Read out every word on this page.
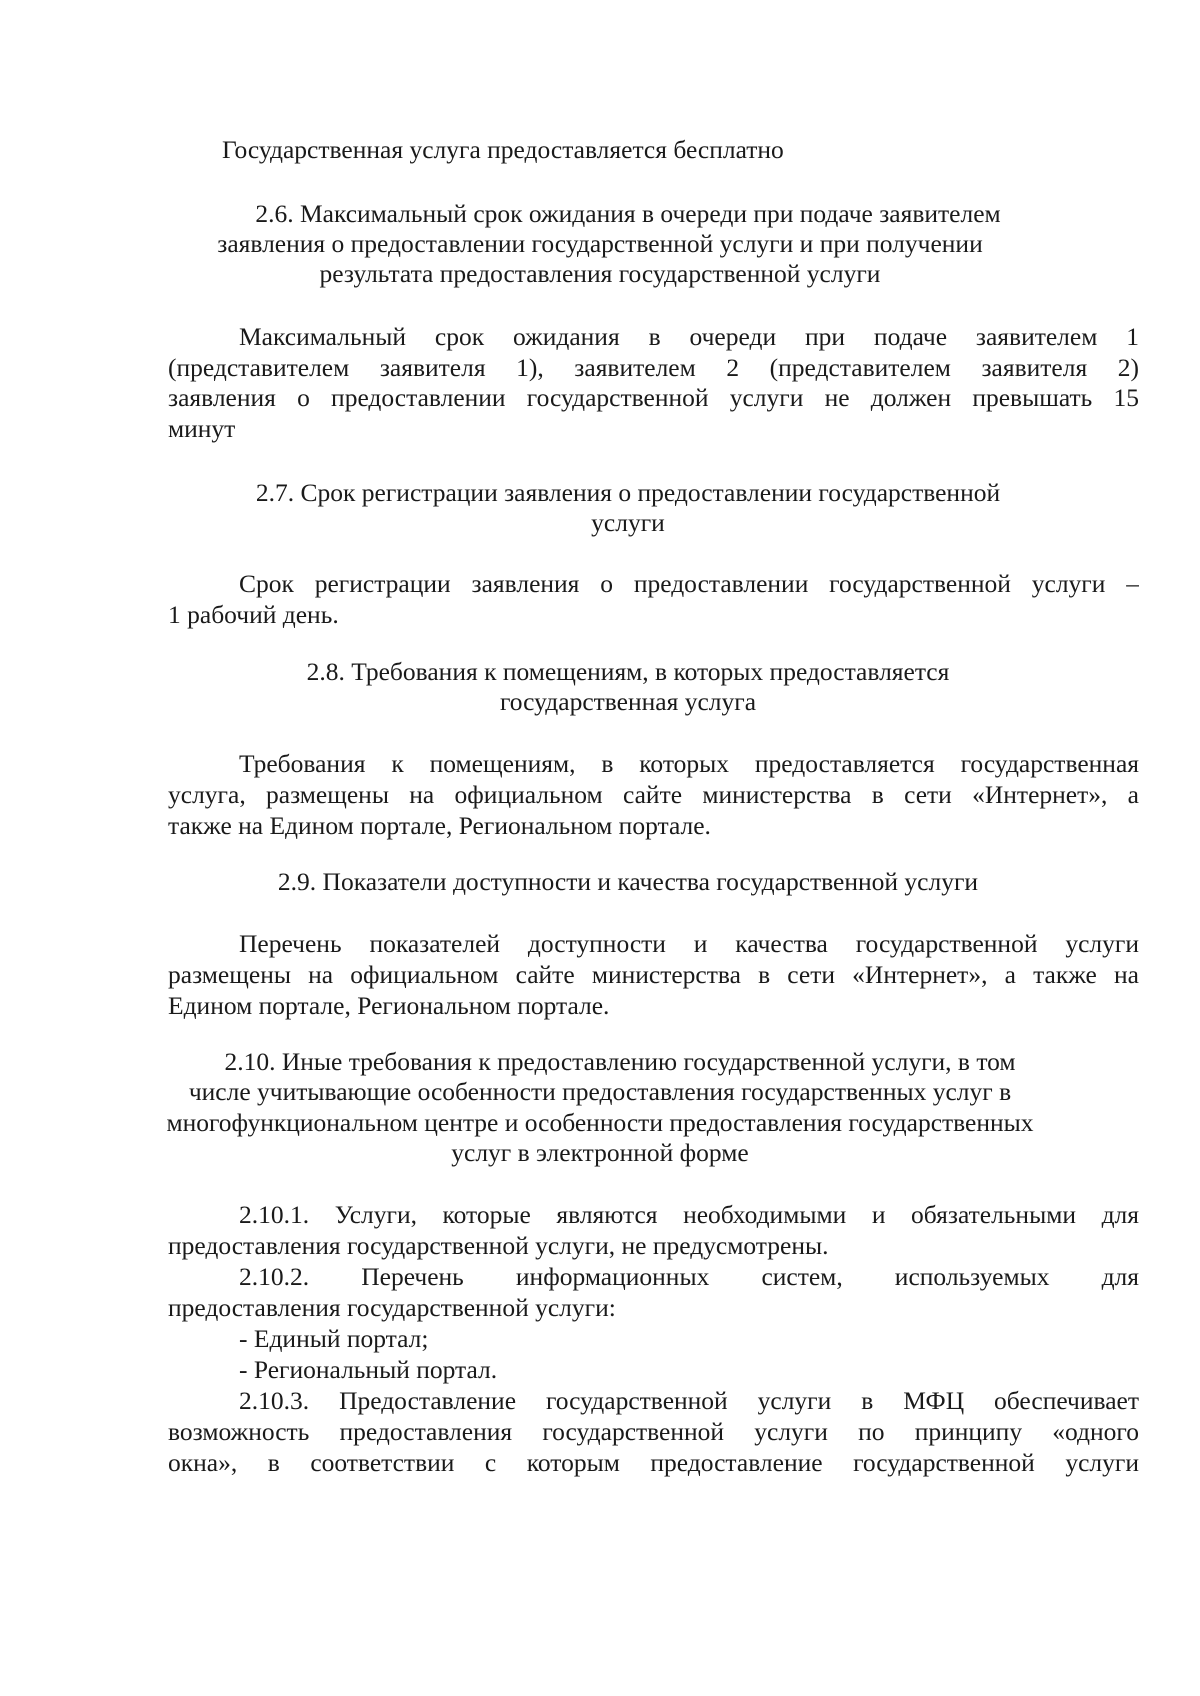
Государственная услуга предоставляется бесплатно
2.6. Максимальный срок ожидания в очереди при подаче заявителем
заявления о предоставлении государственной услуги и при получении
результата предоставления государственной услуги
Максимальный срок ожидания в очереди при подаче заявителем 1
(представителем заявителя 1), заявителем 2 (представителем заявителя 2)
заявления о предоставлении государственной услуги не должен превышать 15
минут
2.7. Срок регистрации заявления о предоставлении государственной
услуги
Срок регистрации заявления о предоставлении государственной услуги –
1 рабочий день.
2.8. Требования к помещениям, в которых предоставляется
государственная услуга
Требования к помещениям, в которых предоставляется государственная
услуга, размещены на официальном сайте министерства в сети «Интернет», а
также на Едином портале, Региональном портале.
2.9. Показатели доступности и качества государственной услуги
Перечень показателей доступности и качества государственной услуги
размещены на официальном сайте министерства в сети «Интернет», а также на
Едином портале, Региональном портале.
2.10. Иные требования к предоставлению государственной услуги, в том
числе учитывающие особенности предоставления государственных услуг в
многофункциональном центре и особенности предоставления государственных
услуг в электронной форме
2.10.1. Услуги, которые являются необходимыми и обязательными для
предоставления государственной услуги, не предусмотрены.
2.10.2. Перечень информационных систем, используемых для
предоставления государственной услуги:
- Единый портал;
- Региональный портал.
2.10.3. Предоставление государственной услуги в МФЦ обеспечивает
возможность предоставления государственной услуги по принципу «одного
окна», в соответствии с которым предоставление государственной услуги
